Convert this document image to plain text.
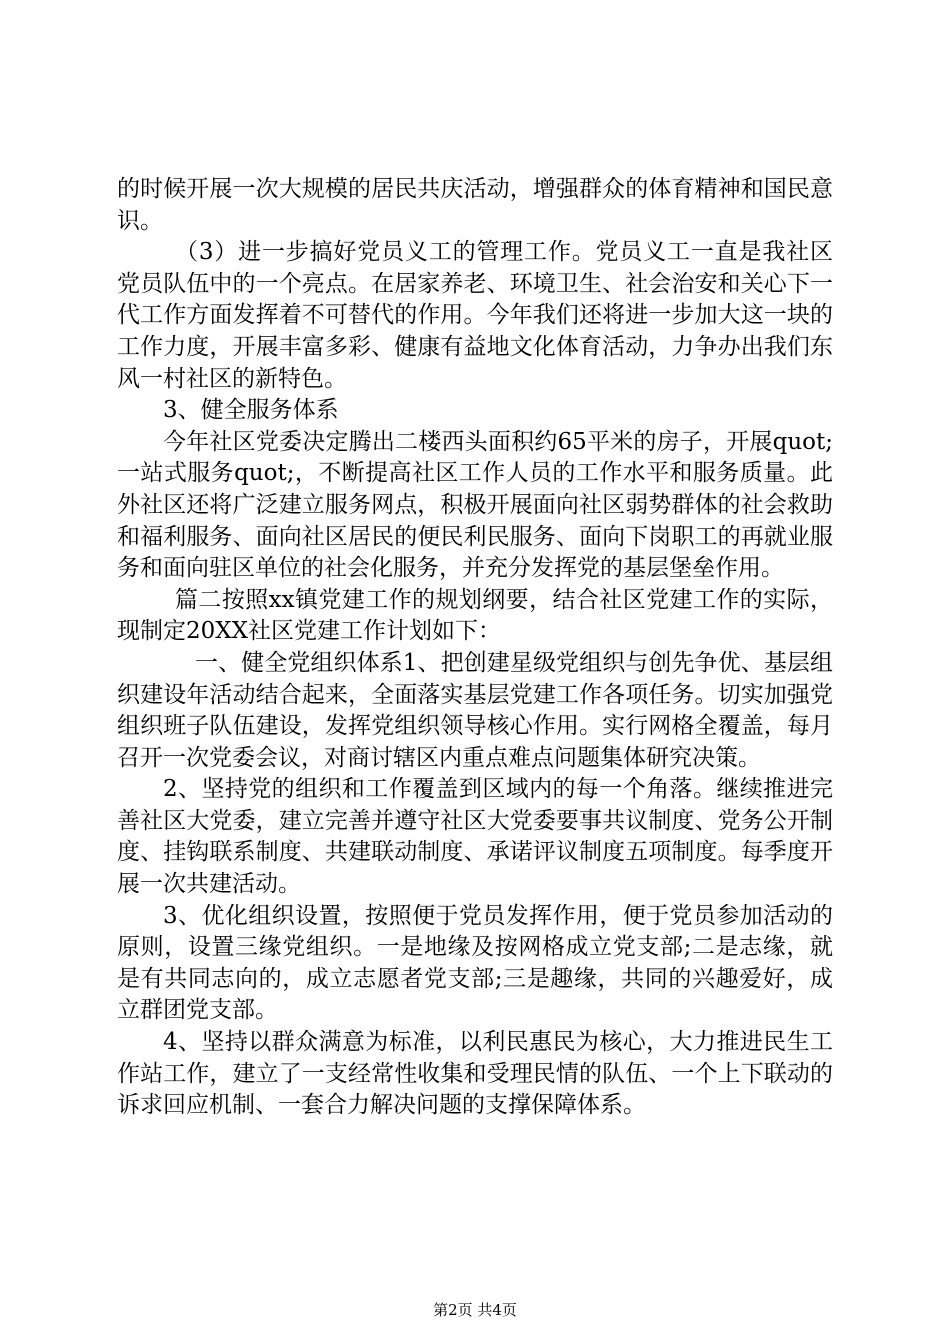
的时候开展一次大规模的居民共庆活动，增强群众的体育精神和国民意识。

（3）进一步搞好党员义工的管理工作。党员义工一直是我社区党员队伍中的一个亮点。在居家养老、环境卫生、社会治安和关心下一代工作方面发挥着不可替代的作用。今年我们还将进一步加大这一块的工作力度，开展丰富多彩、健康有益地文化体育活动，力争办出我们东风一村社区的新特色。

3、健全服务体系

今年社区党委决定腾出二楼西头面积约65平米的房子，开展quot;一站式服务quot;，不断提高社区工作人员的工作水平和服务质量。此外社区还将广泛建立服务网点，积极开展面向社区弱势群体的社会救助和福利服务、面向社区居民的便民利民服务、面向下岗职工的再就业服务和面向驻区单位的社会化服务，并充分发挥党的基层堡垒作用。

篇二按照xx镇党建工作的规划纲要，结合社区党建工作的实际，现制定20XX社区党建工作计划如下：

一、健全党组织体系1、把创建星级党组织与创先争优、基层组织建设年活动结合起来，全面落实基层党建工作各项任务。切实加强党组织班子队伍建设，发挥党组织领导核心作用。实行网格全覆盖，每月召开一次党委会议，对商讨辖区内重点难点问题集体研究决策。

2、坚持党的组织和工作覆盖到区域内的每一个角落。继续推进完善社区大党委，建立完善并遵守社区大党委要事共议制度、党务公开制度、挂钩联系制度、共建联动制度、承诺评议制度五项制度。每季度开展一次共建活动。

3、优化组织设置，按照便于党员发挥作用，便于党员参加活动的原则，设置三缘党组织。一是地缘及按网格成立党支部;二是志缘，就是有共同志向的，成立志愿者党支部;三是趣缘，共同的兴趣爱好，成立群团党支部。

4、坚持以群众满意为标准，以利民惠民为核心，大力推进民生工作站工作，建立了一支经常性收集和受理民情的队伍、一个上下联动的诉求回应机制、一套合力解决问题的支撑保障体系。

第2页 共4页
